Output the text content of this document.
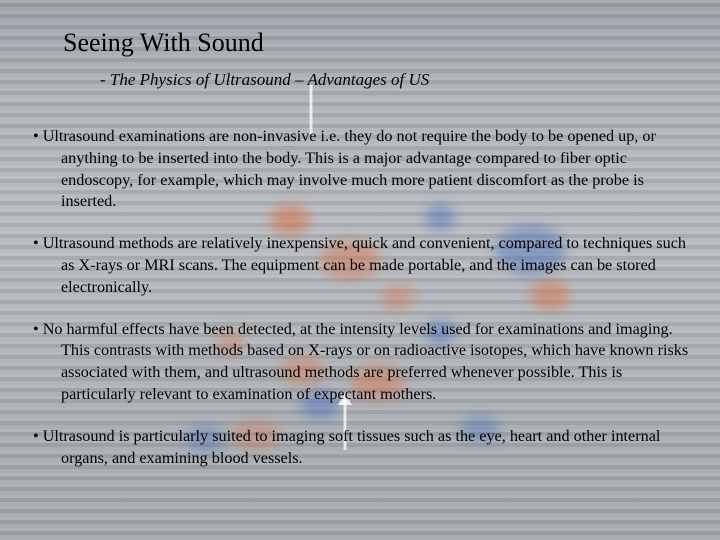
Seeing With Sound

- The Physics of Ultrasound – Advantages of US

• Ultrasound examinations are non-invasive i.e. they do not require the body to be opened up, or anything to be inserted into the body. This is a major advantage compared to fiber optic endoscopy, for example, which may involve much more patient discomfort as the probe is inserted.
• Ultrasound methods are relatively inexpensive, quick and convenient, compared to techniques such as X-rays or MRI scans. The equipment can be made portable, and the images can be stored electronically.
• No harmful effects have been detected, at the intensity levels used for examinations and imaging. This contrasts with methods based on X-rays or on radioactive isotopes, which have known risks associated with them, and ultrasound methods are preferred whenever possible. This is particularly relevant to examination of expectant mothers.
• Ultrasound is particularly suited to imaging soft tissues such as the eye, heart and other internal organs, and examining blood vessels.
